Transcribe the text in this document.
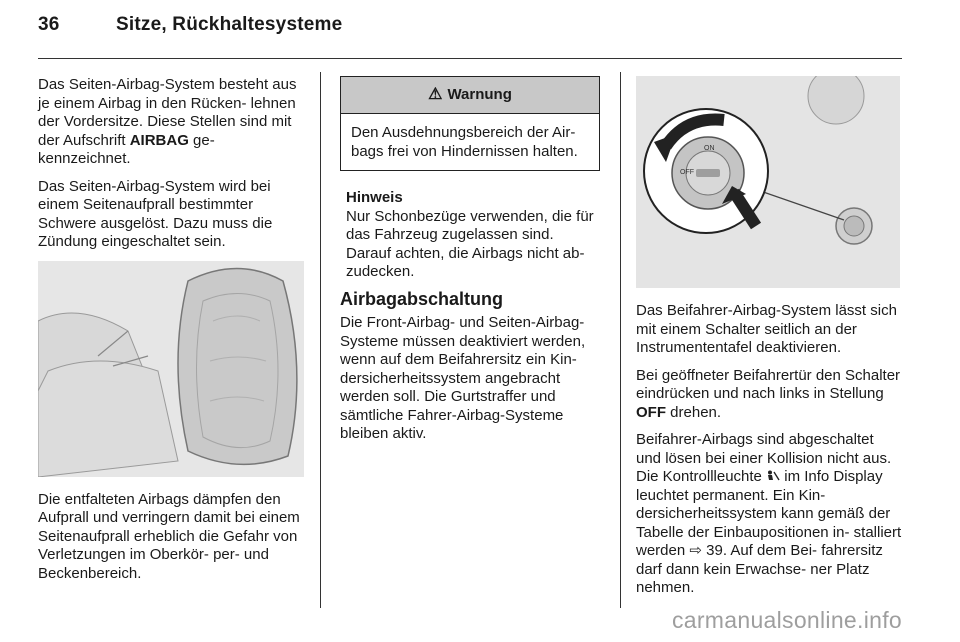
36	Sitze, Rückhaltesysteme

Das Seiten-Airbag-System besteht aus je einem Airbag in den Rücken- lehnen der Vordersitze. Diese Stellen sind mit der Aufschrift AIRBAG ge- kennzeichnet.

Das Seiten-Airbag-System wird bei einem Seitenaufprall bestimmter Schwere ausgelöst. Dazu muss die Zündung eingeschaltet sein.

Die entfalteten Airbags dämpfen den Aufprall und verringern damit bei einem Seitenaufprall erheblich die Gefahr von Verletzungen im Oberkör- per- und Beckenbereich.

⚠ Warnung
Den Ausdehnungsbereich der Air- bags frei von Hindernissen halten.
Hinweis
Nur Schonbezüge verwenden, die für das Fahrzeug zugelassen sind. Darauf achten, die Airbags nicht ab- zudecken.
Airbagabschaltung

Die Front-Airbag- und Seiten-Airbag- Systeme müssen deaktiviert werden, wenn auf dem Beifahrersitz ein Kin- dersicherheitssystem angebracht werden soll. Die Gurtstraffer und sämtliche Fahrer-Airbag-Systeme bleiben aktiv.

ON
OFF

Das Beifahrer-Airbag-System lässt sich mit einem Schalter seitlich an der Instrumententafel deaktivieren.

Bei geöffneter Beifahrertür den Schalter eindrücken und nach links in Stellung OFF drehen.

Beifahrer-Airbags sind abgeschaltet und lösen bei einer Kollision nicht aus. Die Kontrollleuchte  im Info Display leuchtet permanent. Ein Kin- dersicherheitssystem kann gemäß der Tabelle der Einbaupositionen in- stalliert werden ⇨ 39. Auf dem Bei- fahrersitz darf dann kein Erwachse- ner Platz nehmen.

carmanualsonline.info
